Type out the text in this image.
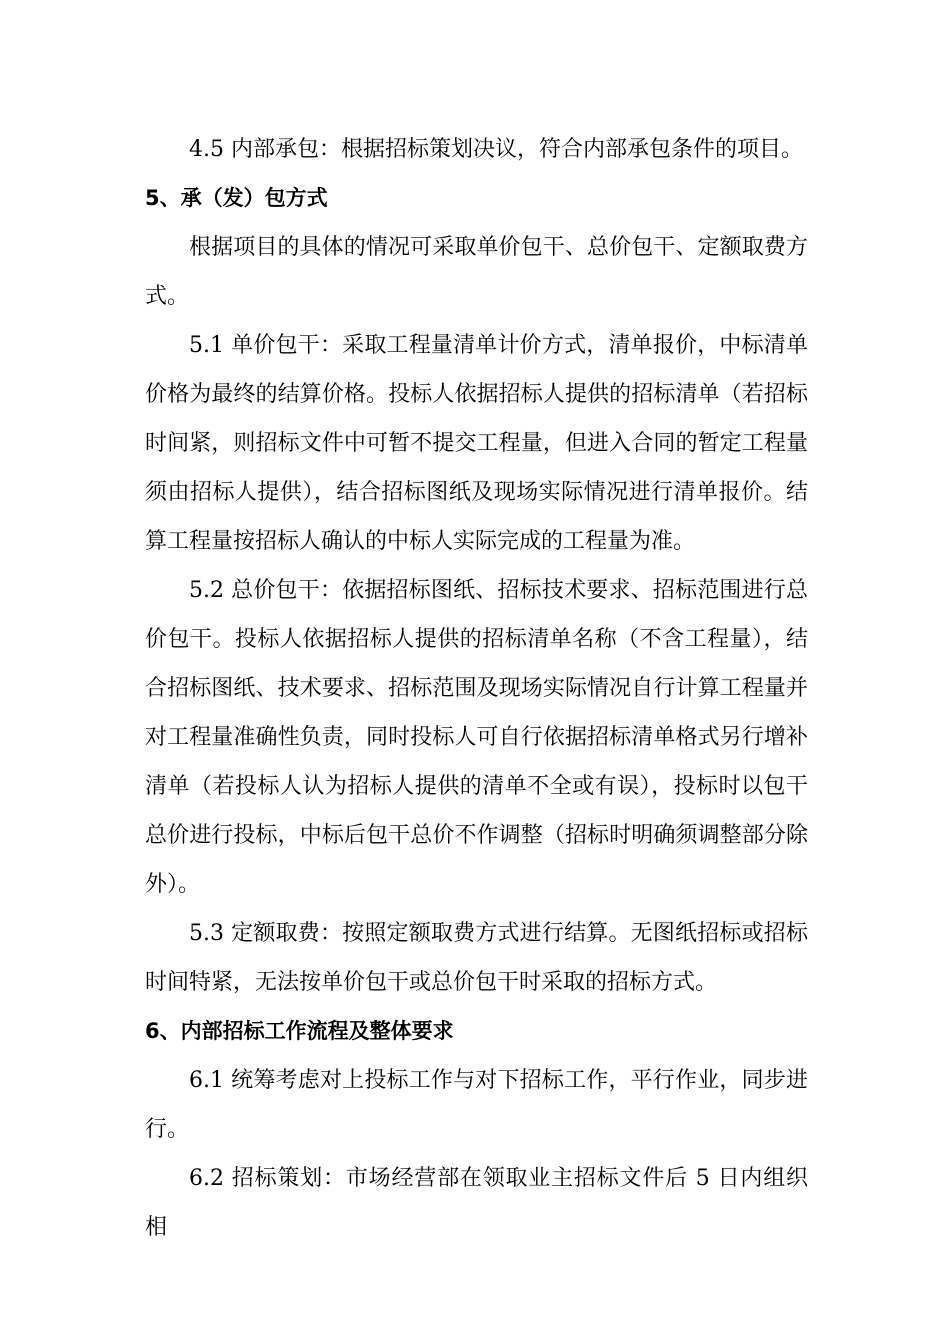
4.5 内部承包：根据招标策划决议，符合内部承包条件的项目。

5、承（发）包方式

根据项目的具体的情况可采取单价包干、总价包干、定额取费方式。

5.1 单价包干：采取工程量清单计价方式，清单报价，中标清单价格为最终的结算价格。投标人依据招标人提供的招标清单（若招标时间紧，则招标文件中可暂不提交工程量，但进入合同的暂定工程量须由招标人提供），结合招标图纸及现场实际情况进行清单报价。结算工程量按招标人确认的中标人实际完成的工程量为准。

5.2 总价包干：依据招标图纸、招标技术要求、招标范围进行总价包干。投标人依据招标人提供的招标清单名称（不含工程量），结合招标图纸、技术要求、招标范围及现场实际情况自行计算工程量并对工程量准确性负责，同时投标人可自行依据招标清单格式另行增补清单（若投标人认为招标人提供的清单不全或有误），投标时以包干总价进行投标，中标后包干总价不作调整（招标时明确须调整部分除外）。

5.3 定额取费：按照定额取费方式进行结算。无图纸招标或招标时间特紧，无法按单价包干或总价包干时采取的招标方式。

6、内部招标工作流程及整体要求

6.1 统筹考虑对上投标工作与对下招标工作，平行作业，同步进行。

6.2 招标策划：市场经营部在领取业主招标文件后 5 日内组织相
